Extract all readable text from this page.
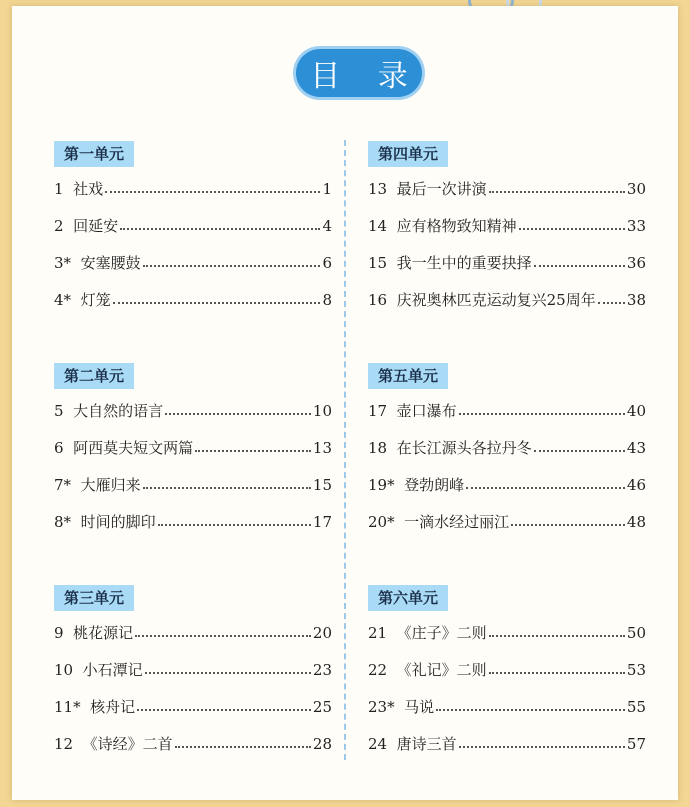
目 录
第一单元
1
社戏	1
2
回延安	4
3*
安塞腰鼓	6
4*
灯笼	8
第二单元
5
大自然的语言	10
6
阿西莫夫短文两篇	13
7*
大雁归来	15
8*
时间的脚印	17
第三单元
9
桃花源记	20
10
小石潭记	23
11*
核舟记	25
12
《诗经》二首	28
第四单元
13
最后一次讲演	30
14
应有格物致知精神	33
15
我一生中的重要抉择	36
16
庆祝奥林匹克运动复兴25周年 38
第五单元
17
壶口瀑布	40
18
在长江源头各拉丹冬	43
19*
登勃朗峰	46
20*
一滴水经过丽江	48
第六单元
21
《庄子》二则	50
22
《礼记》二则	53
23*
马说	55
24
唐诗三首	57
